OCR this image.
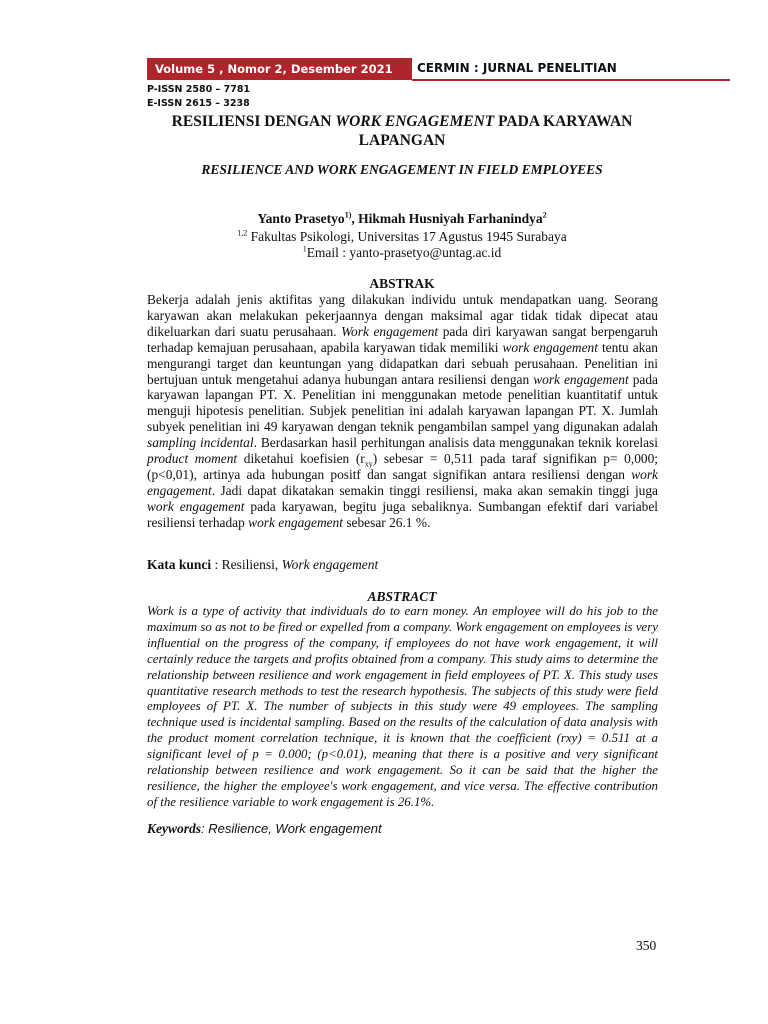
Volume 5 , Nomor 2, Desember 2021	CERMIN : JURNAL PENELITIAN
P-ISSN 2580 – 7781
E-ISSN 2615 – 3238
RESILIENSI DENGAN WORK ENGAGEMENT PADA KARYAWAN LAPANGAN
RESILIENCE AND WORK ENGAGEMENT IN FIELD EMPLOYEES
Yanto Prasetyo$^{1)}$, Hikmah Husniyah Farhanindya$^2$
$^{1,2}$ Fakultas Psikologi, Universitas 17 Agustus 1945 Surabaya
$^1$Email : yanto-prasetyo@untag.ac.id
ABSTRAK
Bekerja adalah jenis aktifitas yang dilakukan individu untuk mendapatkan uang. Seorang karyawan akan melakukan pekerjaannya dengan maksimal agar tidak tidak dipecat atau dikeluarkan dari suatu perusahaan. Work engagement pada diri karyawan sangat berpengaruh terhadap kemajuan perusahaan, apabila karyawan tidak memiliki work engagement tentu akan mengurangi target dan keuntungan yang didapatkan dari sebuah perusahaan. Penelitian ini bertujuan untuk mengetahui adanya hubungan antara resiliensi dengan work engagement pada karyawan lapangan PT. X. Penelitian ini menggunakan metode penelitian kuantitatif untuk menguji hipotesis penelitian. Subjek penelitian ini adalah karyawan lapangan PT. X. Jumlah subyek penelitian ini 49 karyawan dengan teknik pengambilan sampel yang digunakan adalah sampling incidental. Berdasarkan hasil perhitungan analisis data menggunakan teknik korelasi product moment diketahui koefisien $(r_{xy})$ sebesar = 0,511 pada taraf signifikan p= 0,000; (p<0,01), artinya ada hubungan positf dan sangat signifikan antara resiliensi dengan work engagement. Jadi dapat dikatakan semakin tinggi resiliensi, maka akan semakin tinggi juga work engagement pada karyawan, begitu juga sebaliknya. Sumbangan efektif dari variabel resiliensi terhadap work engagement sebesar 26.1 %.
Kata kunci : Resiliensi, Work engagement
ABSTRACT
Work is a type of activity that individuals do to earn money. An employee will do his job to the maximum so as not to be fired or expelled from a company. Work engagement on employees is very influential on the progress of the company, if employees do not have work engagement, it will certainly reduce the targets and profits obtained from a company. This study aims to determine the relationship between resilience and work engagement in field employees of PT. X. This study uses quantitative research methods to test the research hypothesis. The subjects of this study were field employees of PT. X. The number of subjects in this study were 49 employees. The sampling technique used is incidental sampling. Based on the results of the calculation of data analysis with the product moment correlation technique, it is known that the coefficient (rxy) = 0.511 at a significant level of p = 0.000; (p<0.01), meaning that there is a positive and very significant relationship between resilience and work engagement. So it can be said that the higher the resilience, the higher the employee's work engagement, and vice versa. The effective contribution of the resilience variable to work engagement is 26.1%.
Keywords: Resilience, Work engagement
350
